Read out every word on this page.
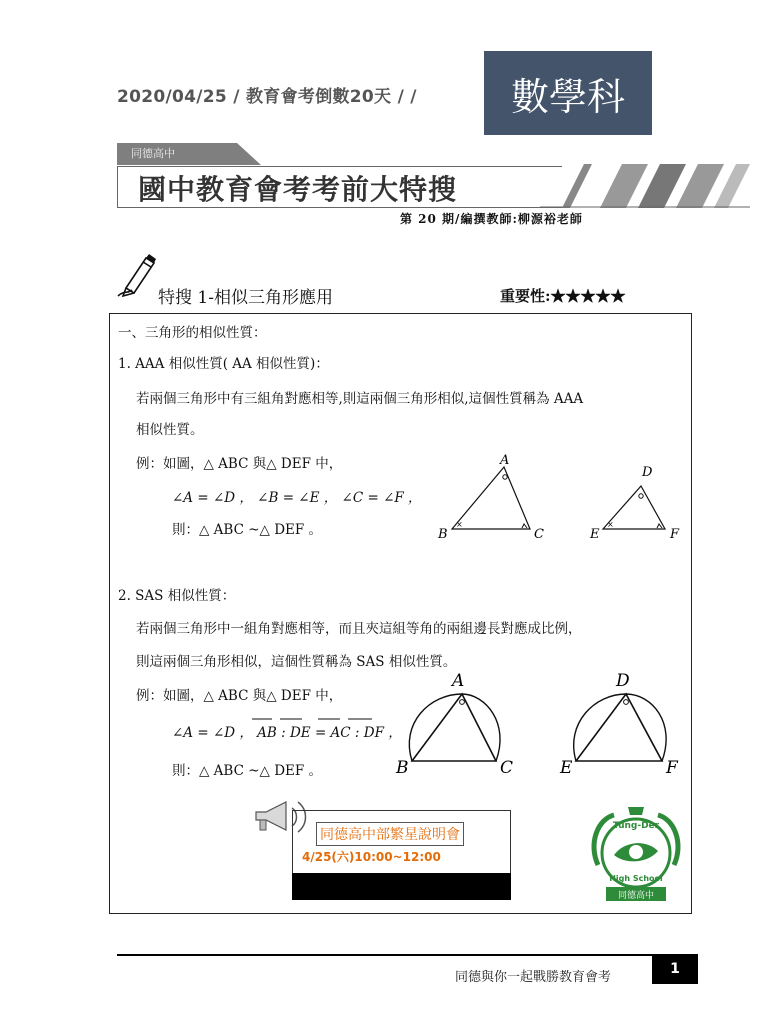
2020/04/25 / 教育會考倒數20天 / /	數學科
同德高中
國中教育會考考前大特搜
第 20 期/編撰教師:柳源裕老師
特搜 1-相似三角形應用	重要性:★★★★★
一、三角形的相似性質：
1. AAA 相似性質( AA 相似性質)：
若兩個三角形中有三組角對應相等,則這兩個三角形相似,這個性質稱為 AAA
相似性質。
例：如圖，△ ABC 與△ DEF 中，
∠A = ∠D ， ∠B = ∠E ， ∠C = ∠F ，
則：△ ABC ~△ DEF 。	×	×
A
B	C
D
E	F
2. SAS 相似性質：
若兩個三角形中一組角對應相等，而且夾這組等角的兩組邊長對應成比例，
則這兩個三角形相似，這個性質稱為 SAS 相似性質。
例：如圖，△ ABC 與△ DEF 中，
∠A = ∠D ， AB : DE = AC : DF ，
則：△ ABC ~△ DEF 。
A
B	C
D
E	F
同德高中部繁星說明會
4/25(六)10:00~12:00
Tung-Der
High School
同德高中
同德與你一起戰勝教育會考
1
